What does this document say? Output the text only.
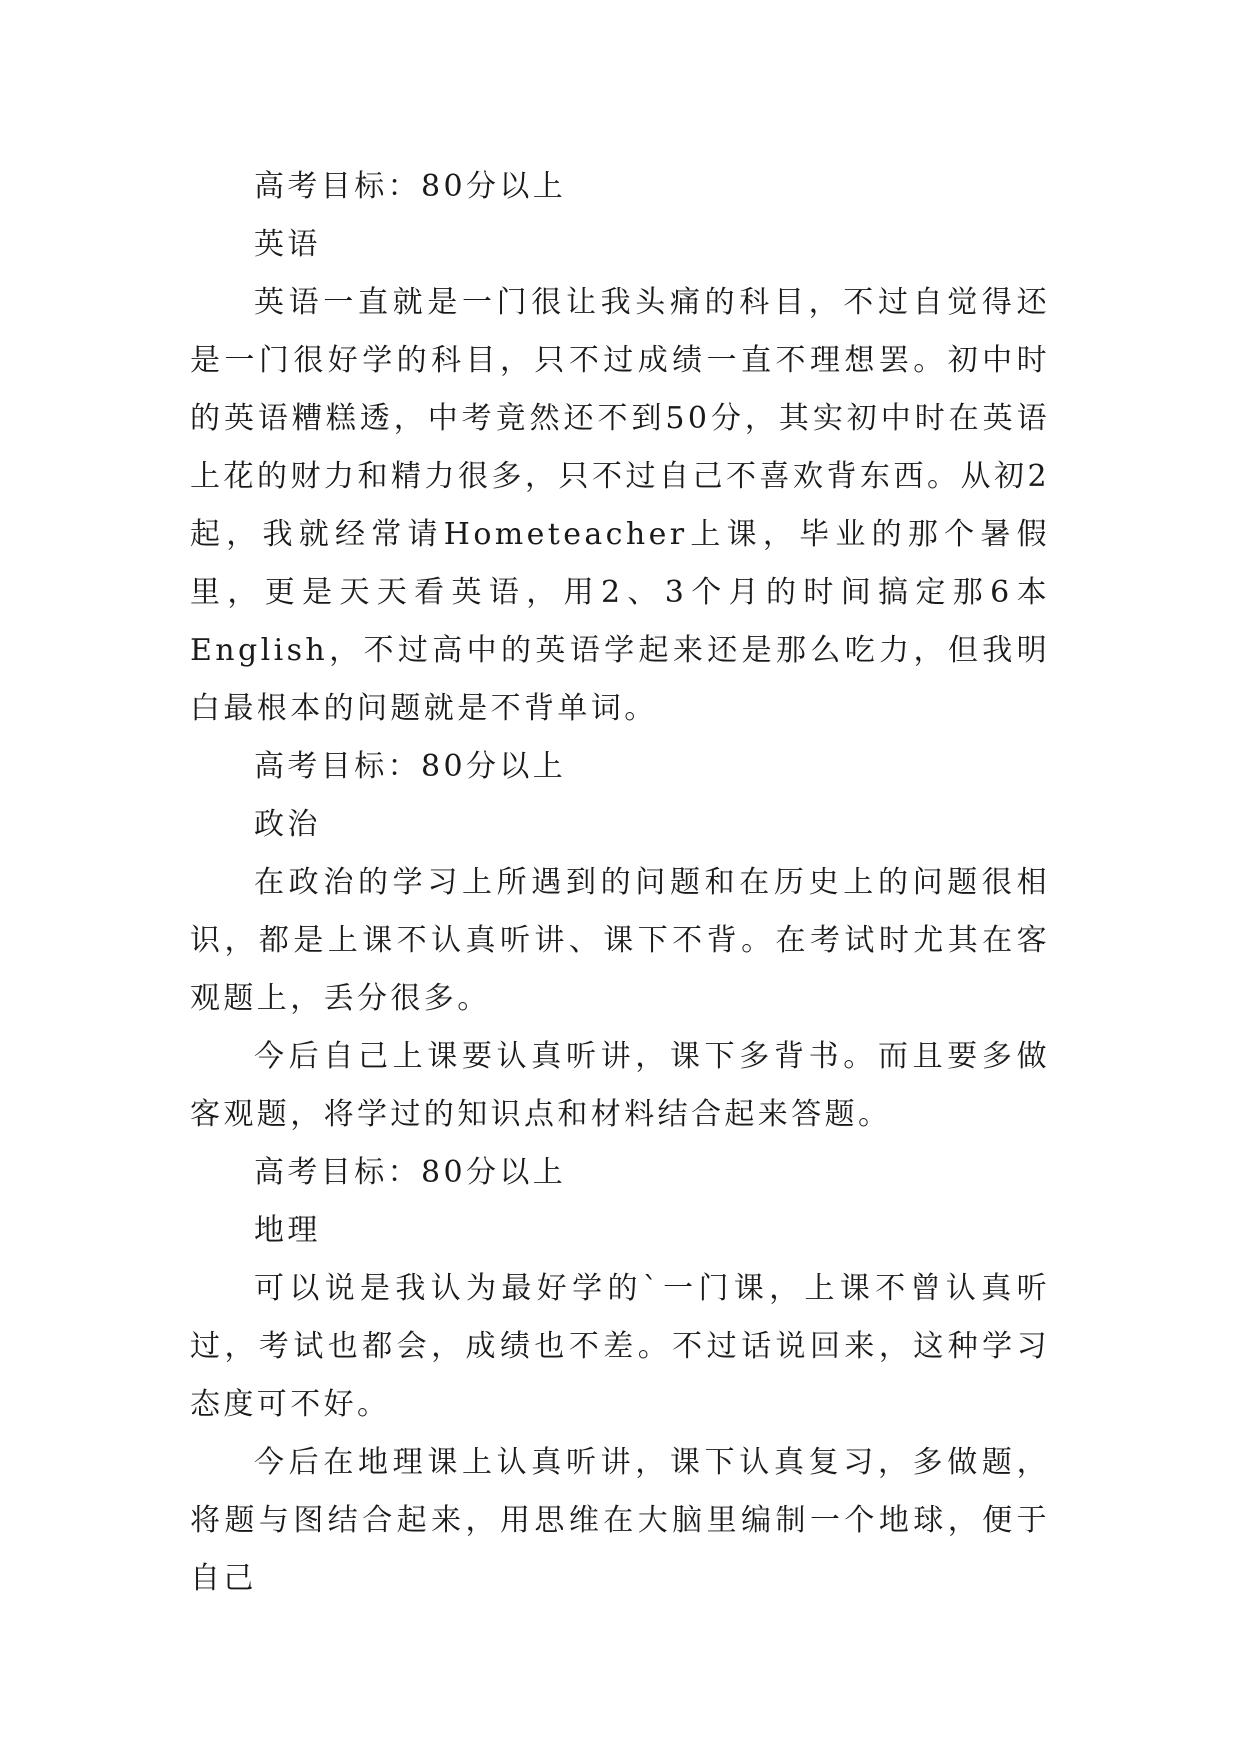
高考目标：80分以上

英语

英语一直就是一门很让我头痛的科目，不过自觉得还是一门很好学的科目，只不过成绩一直不理想罢。初中时的英语糟糕透，中考竟然还不到50分，其实初中时在英语上花的财力和精力很多，只不过自己不喜欢背东西。从初2起，我就经常请Hometeacher上课，毕业的那个暑假里，更是天天看英语，用2、3个月的时间搞定那6本English，不过高中的英语学起来还是那么吃力，但我明白最根本的问题就是不背单词。

高考目标：80分以上

政治

在政治的学习上所遇到的问题和在历史上的问题很相识，都是上课不认真听讲、课下不背。在考试时尤其在客观题上，丢分很多。

今后自己上课要认真听讲，课下多背书。而且要多做客观题，将学过的知识点和材料结合起来答题。

高考目标：80分以上

地理

可以说是我认为最好学的`一门课，上课不曾认真听过，考试也都会，成绩也不差。不过话说回来，这种学习态度可不好。

今后在地理课上认真听讲，课下认真复习，多做题，将题与图结合起来，用思维在大脑里编制一个地球，便于自己
